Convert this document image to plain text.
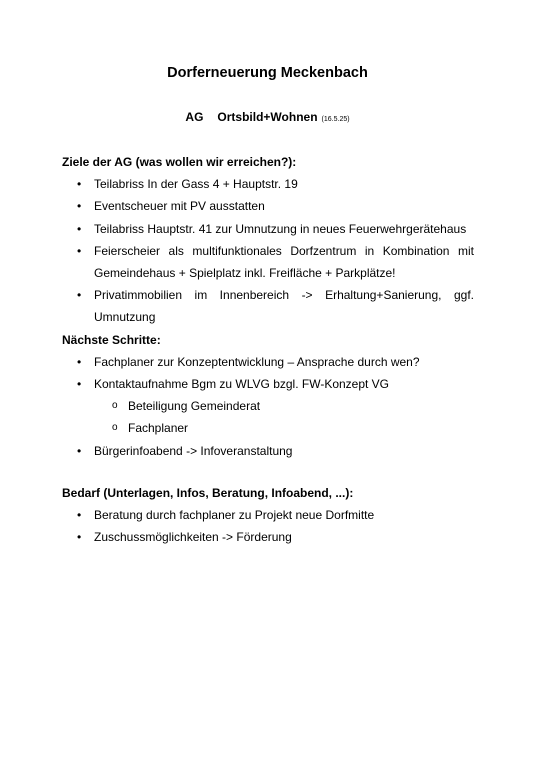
Dorferneuerung Meckenbach
AG Ortsbild+Wohnen (16.5.25)

Ziele der AG (was wollen wir erreichen?):

• Teilabriss In der Gass 4 + Hauptstr. 19
• Eventscheuer mit PV ausstatten
• Teilabriss Hauptstr. 41 zur Umnutzung in neues Feuerwehrgerätehaus
• Feierscheier als multifunktionales Dorfzentrum in Kombination mit Gemeindehaus + Spielplatz inkl. Freifläche + Parkplätze!
• Privatimmobilien im Innenbereich -> Erhaltung+Sanierung, ggf. Umnutzung

Nächste Schritte:

• Fachplaner zur Konzeptentwicklung – Ansprache durch wen?
• Kontaktaufnahme Bgm zu WLVG bzgl. FW-Konzept VG
o Beteiligung Gemeinderat
o Fachplaner
• Bürgerinfoabend -> Infoveranstaltung

Bedarf (Unterlagen, Infos, Beratung, Infoabend, ...):

• Beratung durch fachplaner zu Projekt neue Dorfmitte
• Zuschussmöglichkeiten -> Förderung
